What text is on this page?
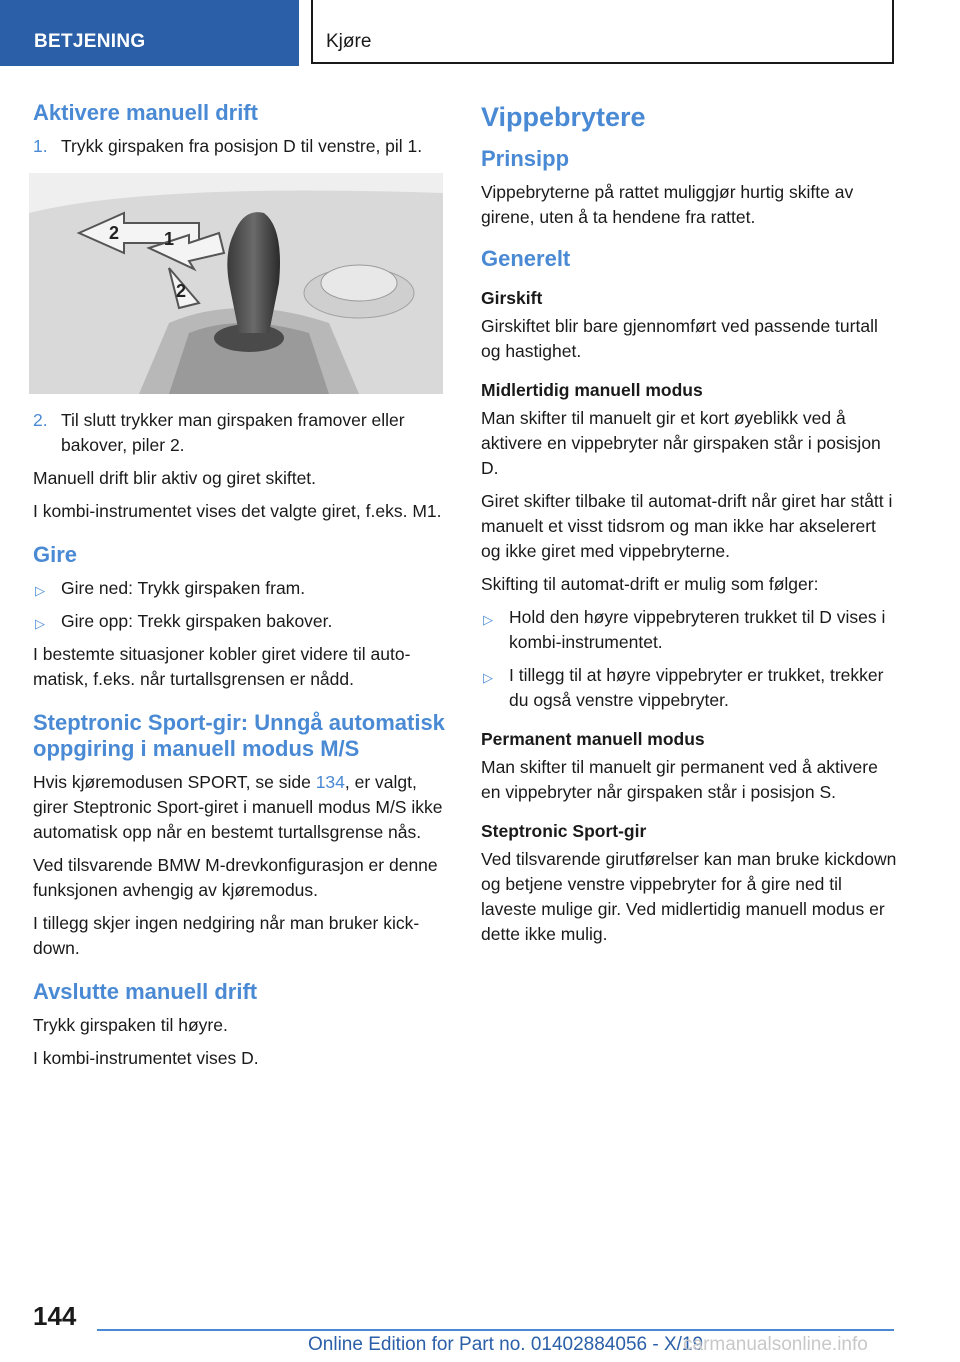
BETJENING	Kjøre
Aktivere manuell drift
1. Trykk girspaken fra posisjon D til venstre, pil 1.
2 1
2
2. Til slutt trykker man girspaken framover eller bakover, piler 2.

Manuell drift blir aktiv og giret skiftet.

I kombi-instrumentet vises det valgte giret, f.eks. M1.

Gire
▷ Gire ned: Trykk girspaken fram.
▷ Gire opp: Trekk girspaken bakover.

I bestemte situasjoner kobler giret videre til automatisk, f.eks. når turtallsgrensen er nådd.

Steptronic Sport-gir: Unngå automatisk oppgiring i manuell modus M/S

Hvis kjøremodusen SPORT, se side 134, er valgt, girer Steptronic Sport-giret i manuell modus M/S ikke automatisk opp når en bestemt turtallsgrense nås.

Ved tilsvarende BMW M-drevkonfigurasjon er denne funksjonen avhengig av kjøremodus.

I tillegg skjer ingen nedgiring når man bruker kick-down.

Avslutte manuell drift

Trykk girspaken til høyre.

I kombi-instrumentet vises D.

Vippebrytere
Prinsipp

Vippebryterne på rattet muliggjør hurtig skifte av girene, uten å ta hendene fra rattet.

Generelt
Girskift

Girskiftet blir bare gjennomført ved passende turtall og hastighet.

Midlertidig manuell modus

Man skifter til manuelt gir et kort øyeblikk ved å aktivere en vippebryter når girspaken står i posisjon D.

Giret skifter tilbake til automat-drift når giret har stått i manuelt et visst tidsrom og man ikke har akselerert og ikke giret med vippebryterne.

Skifting til automat-drift er mulig som følger:

▷ Hold den høyre vippebryteren trukket til D vises i kombi-instrumentet.
▷ I tillegg til at høyre vippebryter er trukket, trekker du også venstre vippebryter.
Permanent manuell modus

Man skifter til manuelt gir permanent ved å aktivere en vippebryter når girspaken står i posisjon S.

Steptronic Sport-gir

Ved tilsvarende girutførelser kan man bruke kickdown og betjene venstre vippebryter for å gire ned til laveste mulige gir. Ved midlertidig manuell modus er dette ikke mulig.

144
Online Edition for Part no. 01402884056 - X/19
carmanualsonline.info
